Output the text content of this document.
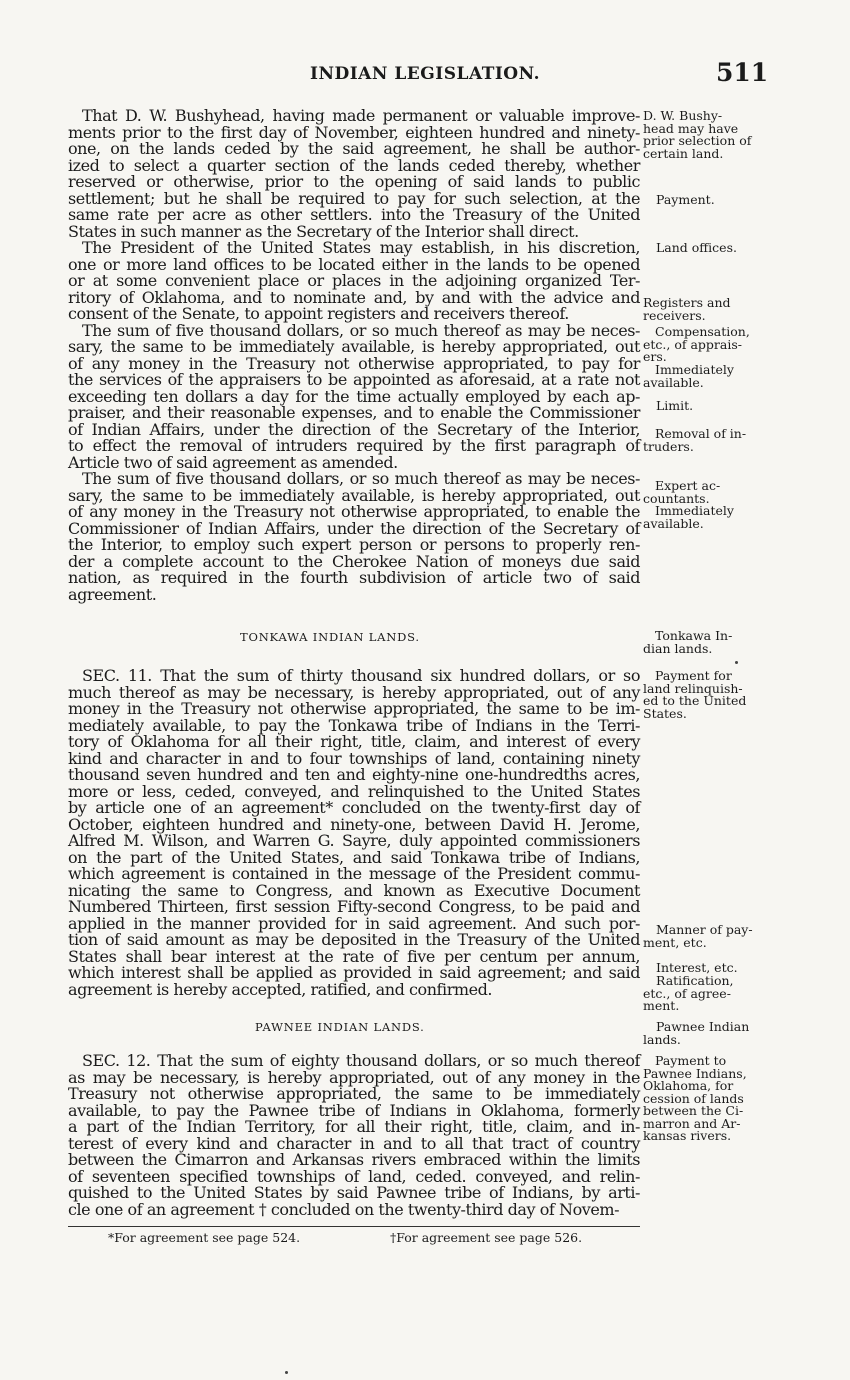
INDIAN LEGISLATION.	511
That D. W. Bushyhead, having made permanent or valuable improve-
ments prior to the first day of November, eighteen hundred and ninety-
one, on the lands ceded by the said agreement, he shall be author-
ized to select a quarter section of the lands ceded thereby, whether
reserved or otherwise, prior to the opening of said lands to public
settlement; but he shall be required to pay for such selection, at the
same rate per acre as other settlers. into the Treasury of the United
States in such manner as the Secretary of the Interior shall direct.
The President of the United States may establish, in his discretion,
one or more land offices to be located either in the lands to be opened
or at some convenient place or places in the adjoining organized Ter-
ritory of Oklahoma, and to nominate and, by and with the advice and
consent of the Senate, to appoint registers and receivers thereof.
The sum of five thousand dollars, or so much thereof as may be neces-
sary, the same to be immediately available, is hereby appropriated, out
of any money in the Treasury not otherwise appropriated, to pay for
the services of the appraisers to be appointed as aforesaid, at a rate not
exceeding ten dollars a day for the time actually employed by each ap-
praiser, and their reasonable expenses, and to enable the Commissioner
of Indian Affairs, under the direction of the Secretary of the Interior,
to effect the removal of intruders required by the first paragraph of
Article two of said agreement as amended.
The sum of five thousand dollars, or so much thereof as may be neces-
sary, the same to be immediately available, is hereby appropriated, out
of any money in the Treasury not otherwise appropriated, to enable the
Commissioner of Indian Affairs, under the direction of the Secretary of
the Interior, to employ such expert person or persons to properly ren-
der a complete account to the Cherokee Nation of moneys due said
nation, as required in the fourth subdivision of article two of said
agreement.
TONKAWA INDIAN LANDS.
SEC. 11. That the sum of thirty thousand six hundred dollars, or so
much thereof as may be necessary, is hereby appropriated, out of any
money in the Treasury not otherwise appropriated, the same to be im-
mediately available, to pay the Tonkawa tribe of Indians in the Terri-
tory of Oklahoma for all their right, title, claim, and interest of every
kind and character in and to four townships of land, containing ninety
thousand seven hundred and ten and eighty-nine one-hundredths acres,
more or less, ceded, conveyed, and relinquished to the United States
by article one of an agreement* concluded on the twenty-first day of
October, eighteen hundred and ninety-one, between David H. Jerome,
Alfred M. Wilson, and Warren G. Sayre, duly appointed commissioners
on the part of the United States, and said Tonkawa tribe of Indians,
which agreement is contained in the message of the President commu-
nicating the same to Congress, and known as Executive Document
Numbered Thirteen, first session Fifty-second Congress, to be paid and
applied in the manner provided for in said agreement. And such por-
tion of said amount as may be deposited in the Treasury of the United
States shall bear interest at the rate of five per centum per annum,
which interest shall be applied as provided in said agreement; and said
agreement is hereby accepted, ratified, and confirmed.
PAWNEE INDIAN LANDS.
SEC. 12. That the sum of eighty thousand dollars, or so much thereof
as may be necessary, is hereby appropriated, out of any money in the
Treasury not otherwise appropriated, the same to be immediately
available, to pay the Pawnee tribe of Indians in Oklahoma, formerly
a part of the Indian Territory, for all their right, title, claim, and in-
terest of every kind and character in and to all that tract of country
between the Cimarron and Arkansas rivers embraced within the limits
of seventeen specified townships of land, ceded. conveyed, and relin-
quished to the United States by said Pawnee tribe of Indians, by arti-
cle one of an agreement † concluded on the twenty-third day of Novem-
D. W. Bushy-
head may have
prior selection of
certain land.
Payment.
Land offices.
Registers and
receivers.
Compensation,
etc., of apprais-
ers.
Immediately
available.
Limit.
Removal of in-
truders.
Expert ac-
countants.
Immediately
available.
Tonkawa In-
dian lands.
Payment for
land relinquish-
ed to the United
States.
Manner of pay-
ment, etc.
Interest, etc.
Ratification,
etc., of agree-
ment.
Pawnee Indian
lands.
Payment to
Pawnee Indians,
Oklahoma, for
cession of lands
between the Ci-
marron and Ar-
kansas rivers.
*For agreement see page 524.	†For agreement see page 526.
